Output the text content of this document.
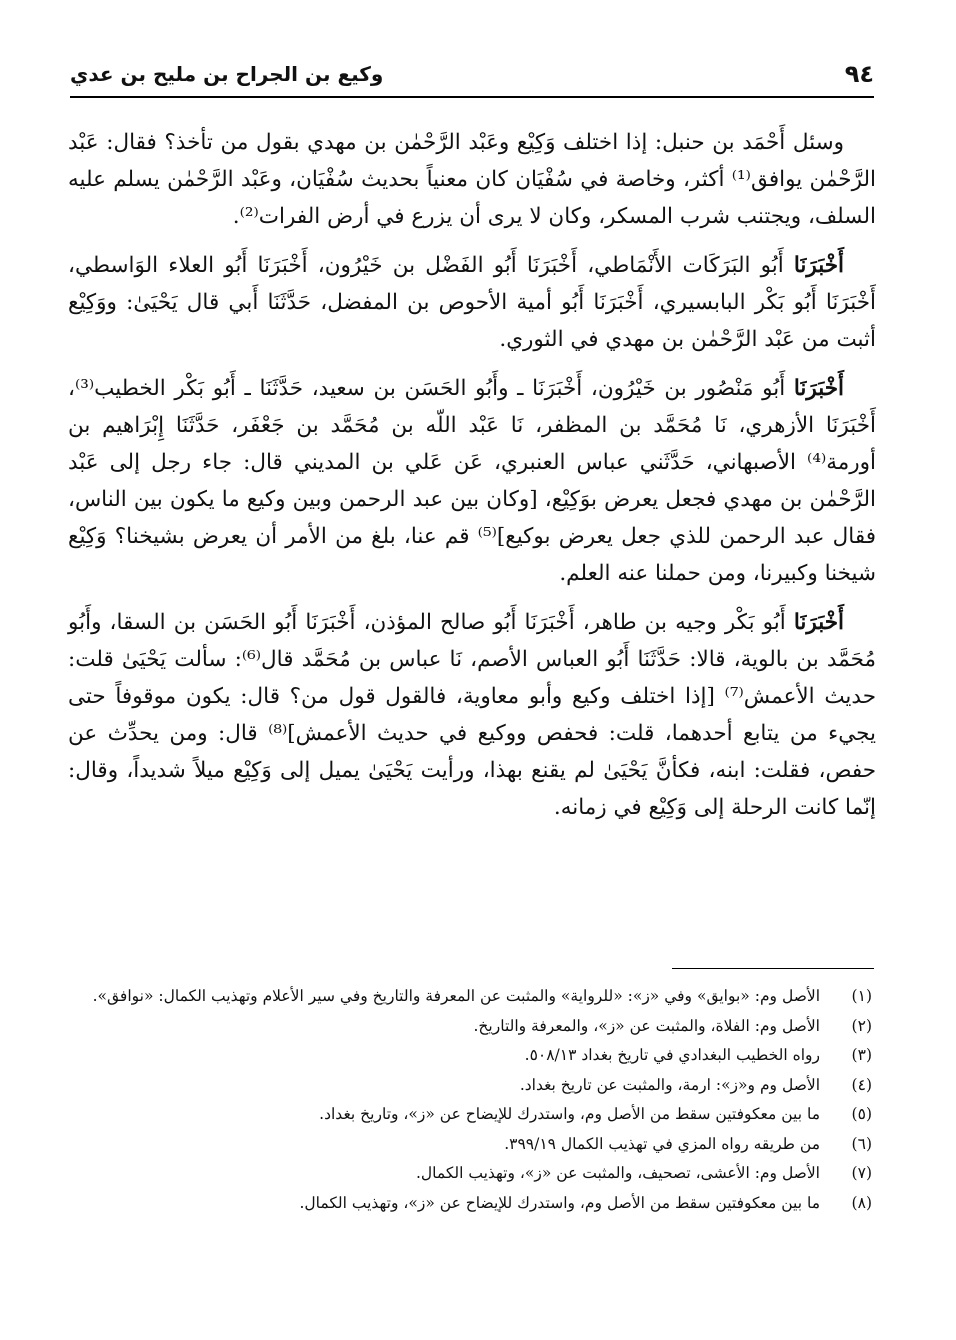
٩٤
وكيع بن الجراح بن مليح بن عدي

وسئل أَحْمَد بن حنبل: إذا اختلف وَكِيْع وعَبْد الرَّحْمٰن بن مهدي بقول من تأخذ؟ فقال: عَبْد الرَّحْمٰن يوافق⁽¹⁾ أكثر، وخاصة في سُفْيَان كان معنياً بحديث سُفْيَان، وعَبْد الرَّحْمٰن يسلم عليه السلف، ويجتنب شرب المسكر، وكان لا يرى أن يزرع في أرض الفرات⁽²⁾.

أَخْبَرَنَا أَبُو البَرَكَات الأَنْمَاطي، أَخْبَرَنَا أَبُو الفَضْل بن خَيْرُون، أَخْبَرَنَا أَبُو العلاء الوَاسطي، أَخْبَرَنَا أَبُو بَكْر البابسيري، أَخْبَرَنَا أَبُو أمية الأحوص بن المفضل، حَدَّثَنَا أَبي قال يَحْيَىٰ: ووَكِيْع أثبت من عَبْد الرَّحْمٰن بن مهدي في الثوري.

أَخْبَرَنَا أَبُو مَنْصُور بن خَيْرُون، أَخْبَرَنَا ـ وأَبُو الحَسَن بن سعيد، حَدَّثَنَا ـ أَبُو بَكْر الخطيب⁽³⁾، أَخْبَرَنَا الأزهري، نَا مُحَمَّد بن المظفر، نَا عَبْد اللّه بن مُحَمَّد بن جَعْفَر، حَدَّثَنَا إِبْرَاهيم بن أورمة⁽⁴⁾ الأصبهاني، حَدَّثَني عباس العنبري، عَن عَلي بن المديني قال: جاء رجل إلى عَبْد الرَّحْمٰن بن مهدي فجعل يعرض بوَكِيْع، [وكان بين عبد الرحمن وبين وكيع ما يكون بين الناس، فقال عبد الرحمن للذي جعل يعرض بوكيع]⁽⁵⁾ قم عنا، بلغ من الأمر أن يعرض بشيخنا؟ وَكِيْع شيخنا وكبيرنا، ومن حملنا عنه العلم.

أَخْبَرَنَا أَبُو بَكْر وجيه بن طاهر، أَخْبَرَنَا أَبُو صالح المؤذن، أَخْبَرَنَا أَبُو الحَسَن بن السقا، وأَبُو مُحَمَّد بن بالوية، قالا: حَدَّثَنَا أَبُو العباس الأصم، نَا عباس بن مُحَمَّد قال⁽⁶⁾: سألت يَحْيَىٰ قلت: حديث الأعمش⁽⁷⁾ [إذا اختلف وكيع وأبو معاوية، فالقول قول من؟ قال: يكون موقوفاً حتى يجيء من يتابع أحدهما، قلت: فحفص ووكيع في حديث الأعمش]⁽⁸⁾ قال: ومن يحدِّث عن حفص، فقلت: ابنه، فكأنَّ يَحْيَىٰ لم يقنع بهذا، ورأيت يَحْيَىٰ يميل إلى وَكِيْع ميلاً شديداً، وقال: إنّما كانت الرحلة إلى وَكِيْع في زمانه.

(١)
الأصل وم: «بوايق» وفي «ز»: «للرواية» والمثبت عن المعرفة والتاريخ وفي سير الأعلام وتهذيب الكمال: «نوافق».

(٢)
الأصل وم: الفلاة، والمثبت عن «ز»، والمعرفة والتاريخ.

(٣)
رواه الخطيب البغدادي في تاريخ بغداد ٥٠٨/١٣.

(٤)
الأصل وم و«ز»: ارمة، والمثبت عن تاريخ بغداد.

(٥)
ما بين معكوفتين سقط من الأصل وم، واستدرك للإيضاح عن «ز»، وتاريخ بغداد.

(٦)
من طريقه رواه المزي في تهذيب الكمال ٣٩٩/١٩.

(٧)
الأصل وم: الأعشى، تصحيف، والمثبت عن «ز»، وتهذيب الكمال.

(٨)
ما بين معكوفتين سقط من الأصل وم، واستدرك للإيضاح عن «ز»، وتهذيب الكمال.
